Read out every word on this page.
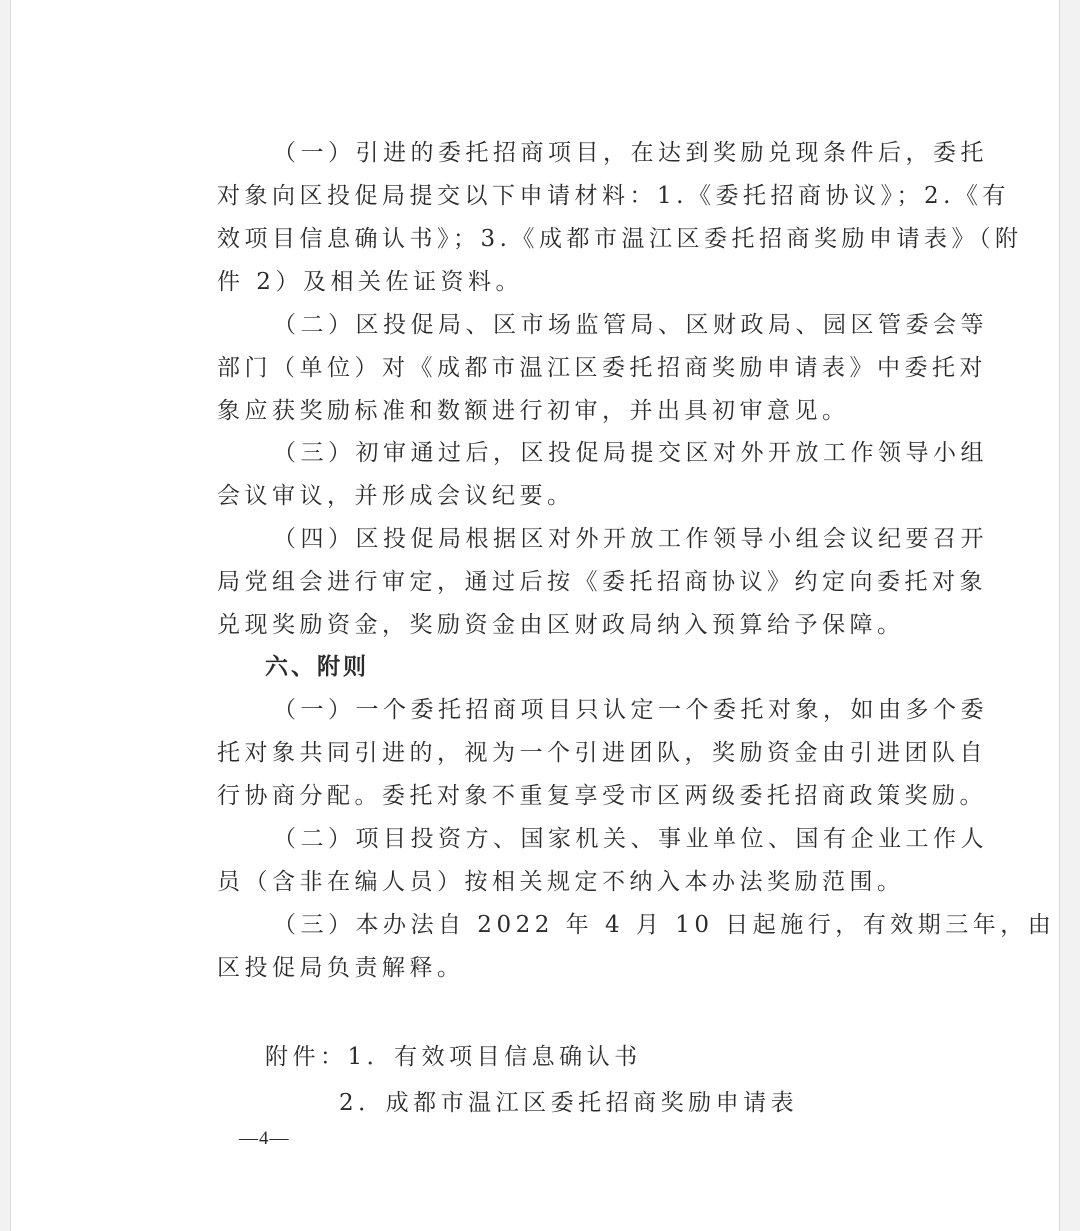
（一）引进的委托招商项目，在达到奖励兑现条件后，委托
对象向区投促局提交以下申请材料：1.《委托招商协议》；2.《有
效项目信息确认书》；3.《成都市温江区委托招商奖励申请表》（附
件 2）及相关佐证资料。
（二）区投促局、区市场监管局、区财政局、园区管委会等
部门（单位）对《成都市温江区委托招商奖励申请表》中委托对
象应获奖励标准和数额进行初审，并出具初审意见。
（三）初审通过后，区投促局提交区对外开放工作领导小组
会议审议，并形成会议纪要。
（四）区投促局根据区对外开放工作领导小组会议纪要召开
局党组会进行审定，通过后按《委托招商协议》约定向委托对象
兑现奖励资金，奖励资金由区财政局纳入预算给予保障。
六、附则
（一）一个委托招商项目只认定一个委托对象，如由多个委
托对象共同引进的，视为一个引进团队，奖励资金由引进团队自
行协商分配。委托对象不重复享受市区两级委托招商政策奖励。
（二）项目投资方、国家机关、事业单位、国有企业工作人
员（含非在编人员）按相关规定不纳入本办法奖励范围。
（三）本办法自 2022 年 4 月 10 日起施行，有效期三年，由
区投促局负责解释。
附件：1．有效项目信息确认书
2．成都市温江区委托招商奖励申请表
—4—
